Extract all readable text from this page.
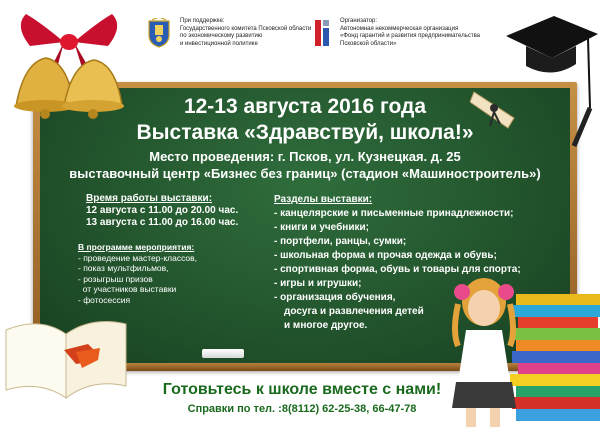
При поддержке:
Государственного комитета Псковской области
по экономическому развитию
и инвестиционной политике
Организатор:
Автономная некоммерческая организация
«Фонд гарантий и развития предпринимательства
Псковской области»
12-13 августа 2016 года
Выставка «Здравствуй, школа!»
Место проведения: г. Псков, ул. Кузнецкая. д. 25
выставочный центр «Бизнес без границ» (стадион «Машиностроитель»)
Время работы выставки:
12 августа с 11.00 до 20.00 час.
13 августа с 11.00 до 16.00 час.
В программе мероприятия:
- проведение мастер-классов,
- показ мультфильмов,
- розыгрыш призов
от участников выставки
- фотосессия
Разделы выставки:
- канцелярские и письменные принадлежности;
- книги и учебники;
- портфели, ранцы, сумки;
- школьная форма и прочая одежда и обувь;
- спортивная форма, обувь и товары для спорта;
- игры и игрушки;
- организация обучения,
досуга и развлечения детей
и многое другое.
Готовьтесь к школе вместе с нами!
Справки по тел. :8(8112) 62-25-38, 66-47-78
